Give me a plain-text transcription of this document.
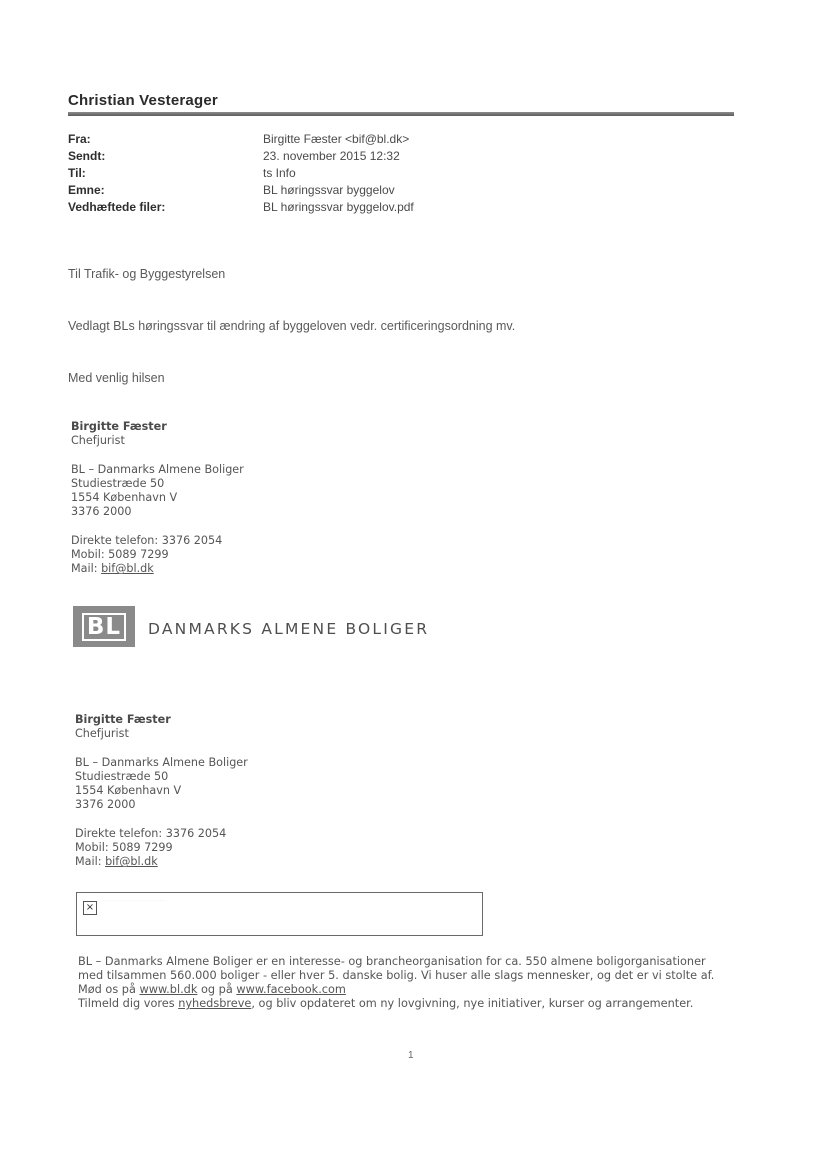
Christian Vesterager
Fra:	Birgitte Fæster <bif@bl.dk>
Sendt:	23. november 2015 12:32
Til:	ts Info
Emne:	BL høringssvar byggelov
Vedhæftede filer:	BL høringssvar byggelov.pdf
Til Trafik- og Byggestyrelsen
Vedlagt BLs høringssvar til ændring af byggeloven vedr. certificeringsordning mv.
Med venlig hilsen
Birgitte Fæster
Chefjurist
BL – Danmarks Almene Boliger
Studiestræde 50
1554 København V
3376 2000
Direkte telefon: 3376 2054
Mobil: 5089 7299
Mail: bif@bl.dk
BL	DANMARKS ALMENE BOLIGER
Birgitte Fæster
Chefjurist
BL – Danmarks Almene Boliger
Studiestræde 50
1554 København V
3376 2000
Direkte telefon: 3376 2054
Mobil: 5089 7299
Mail: bif@bl.dk
×
· · · · · · · · · · · · · · · · · · · · · · · · · · · · · · · · · · ·
BL – Danmarks Almene Boliger er en interesse- og brancheorganisation for ca. 550 almene boligorganisationer
med tilsammen 560.000 boliger - eller hver 5. danske bolig. Vi huser alle slags mennesker, og det er vi stolte af.
Mød os på www.bl.dk og på www.facebook.com
Tilmeld dig vores nyhedsbreve, og bliv opdateret om ny lovgivning, nye initiativer, kurser og arrangementer.
1
